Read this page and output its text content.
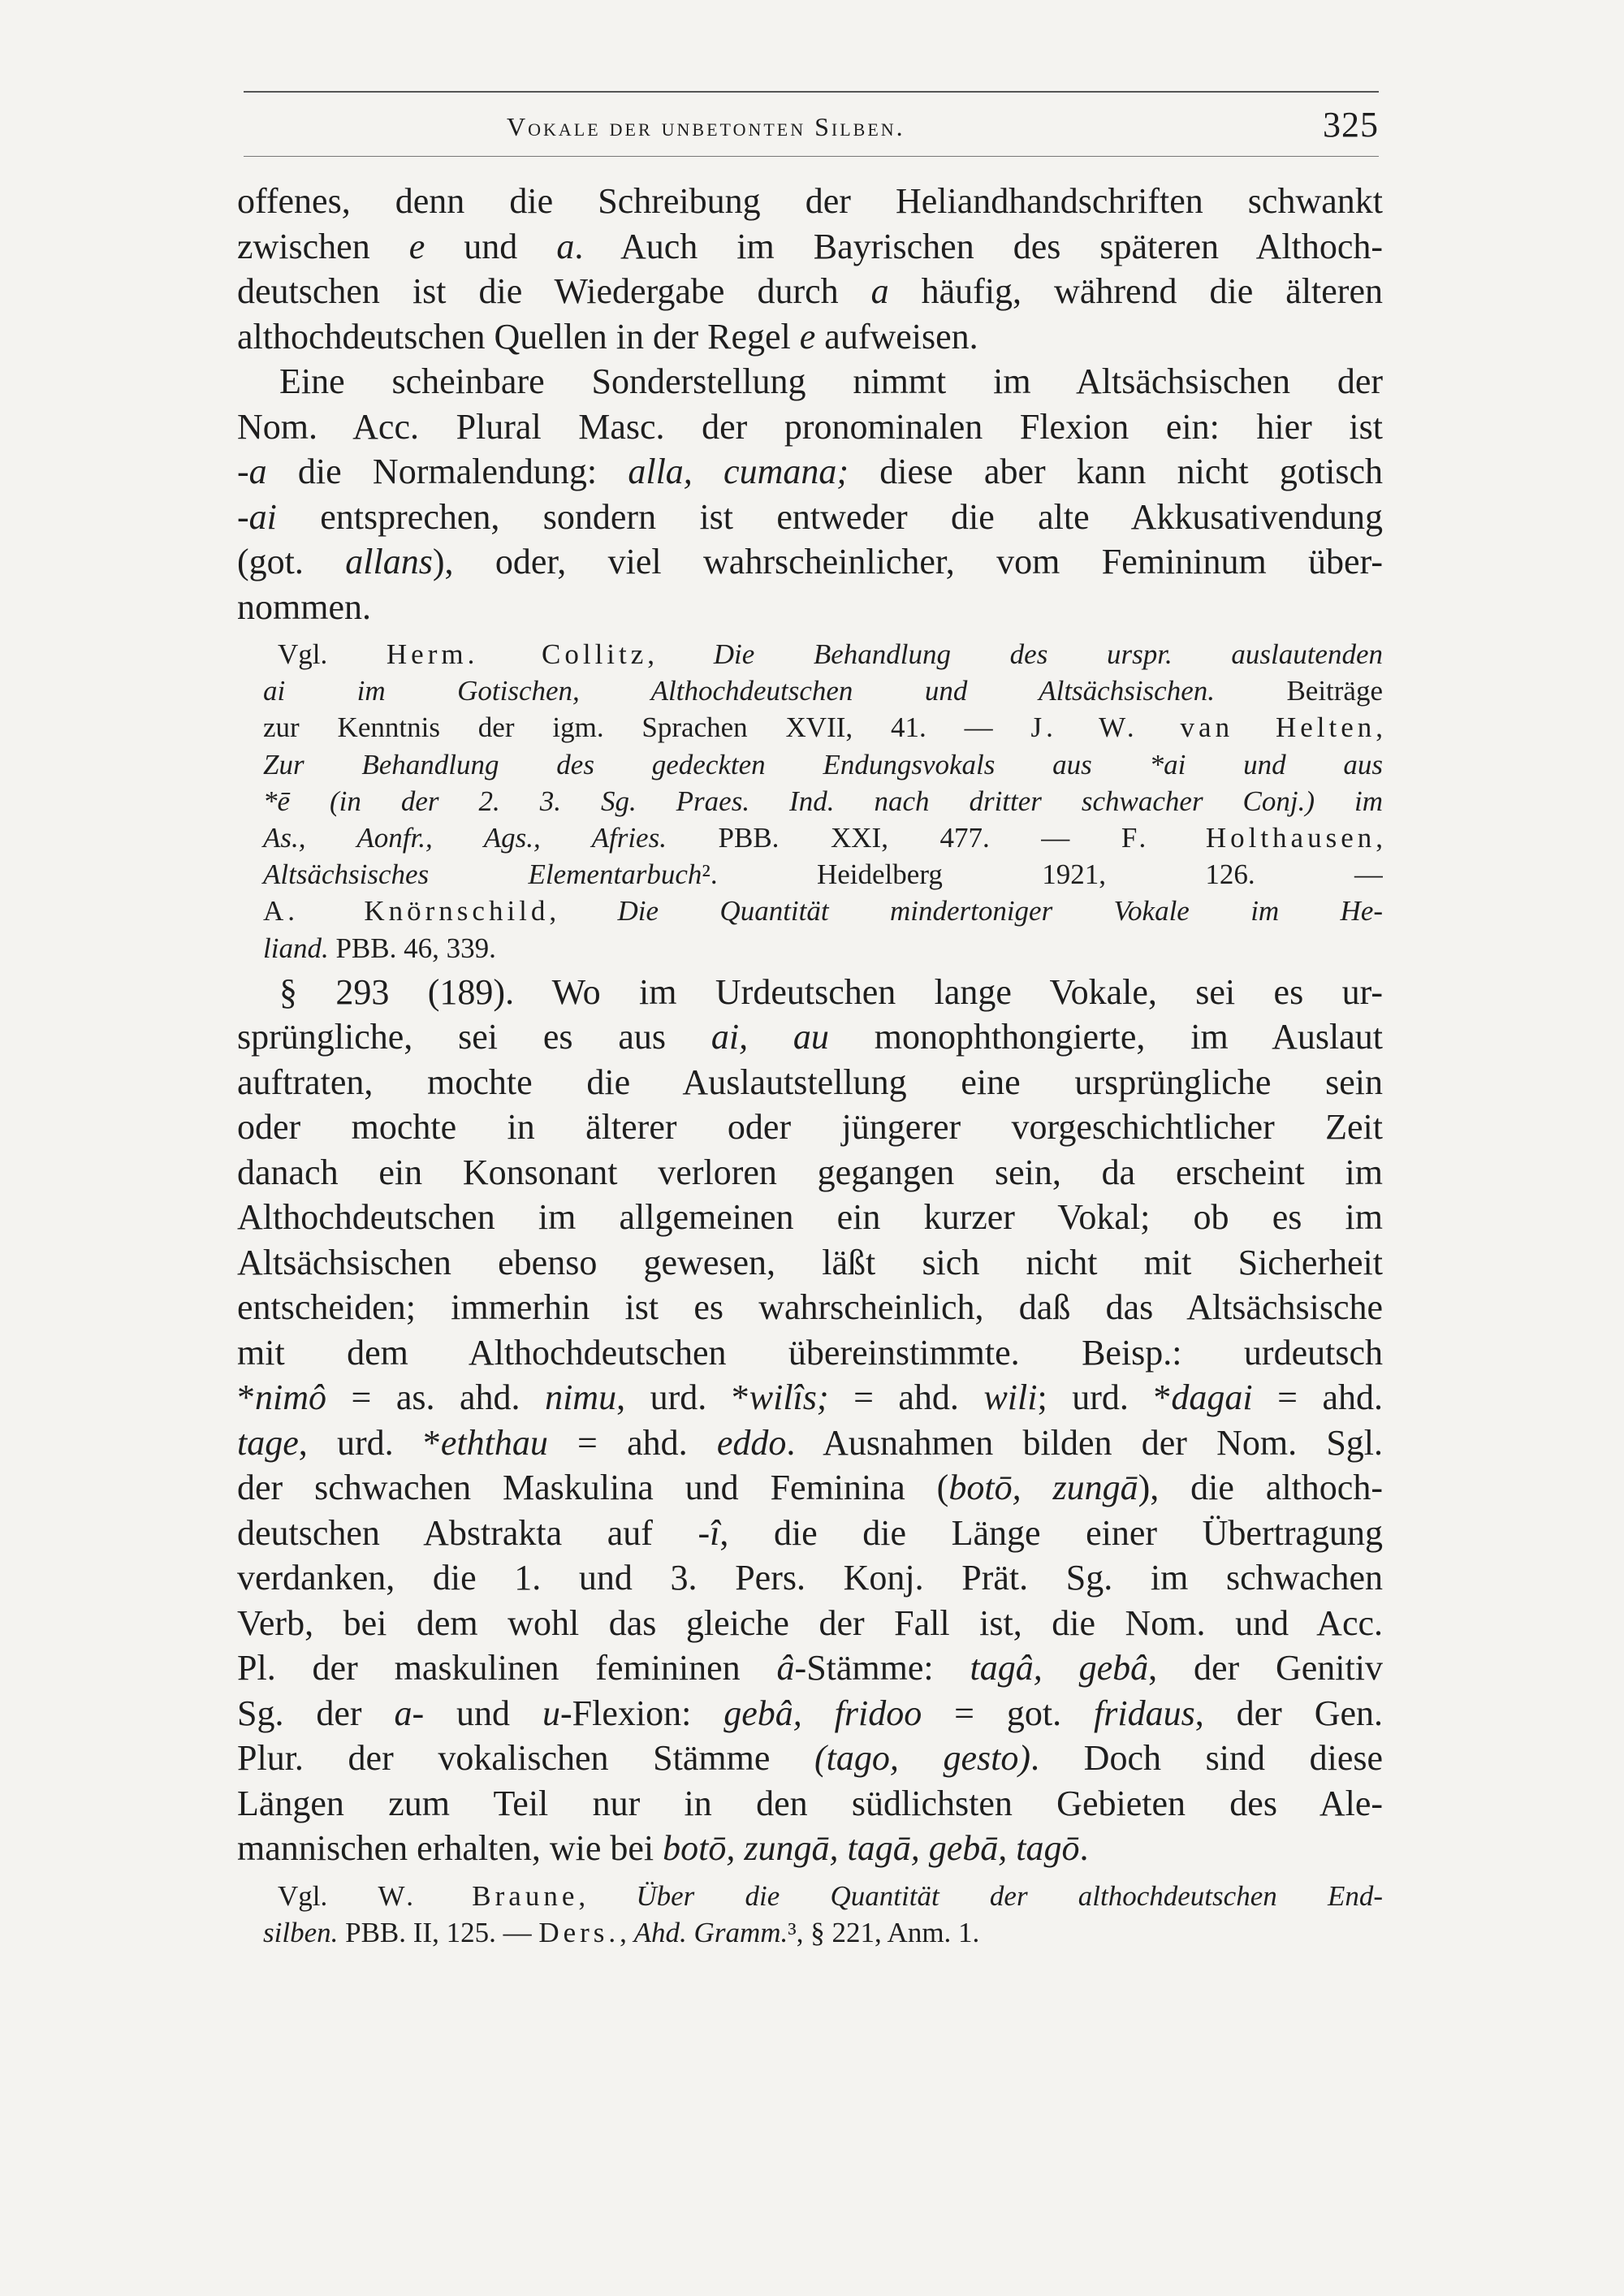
Vokale der unbetonten Silben.	325
offenes, denn die Schreibung der Heliandhandschriften schwankt
zwischen e und a. Auch im Bayrischen des späteren Althoch-
deutschen ist die Wiedergabe durch a häufig, während die älteren
althochdeutschen Quellen in der Regel e aufweisen.
Eine scheinbare Sonderstellung nimmt im Altsächsischen der
Nom. Acc. Plural Masc. der pronominalen Flexion ein: hier ist
-a die Normalendung: alla, cumana; diese aber kann nicht gotisch
-ai entsprechen, sondern ist entweder die alte Akkusativendung
(got. allans), oder, viel wahrscheinlicher, vom Femininum über-
nommen.
Vgl. Herm. Collitz, Die Behandlung des urspr. auslautenden
ai im Gotischen, Althochdeutschen und Altsächsischen. Beiträge
zur Kenntnis der igm. Sprachen XVII, 41. — J. W. van Helten,
Zur Behandlung des gedeckten Endungsvokals aus *ai und aus
*ē (in der 2. 3. Sg. Praes. Ind. nach dritter schwacher Conj.) im
As., Aonfr., Ags., Afries. PBB. XXI, 477. — F. Holthausen,
Altsächsisches Elementarbuch². Heidelberg 1921, 126. —
A. Knörnschild, Die Quantität mindertoniger Vokale im He-
liand. PBB. 46, 339.
§ 293 (189). Wo im Urdeutschen lange Vokale, sei es ur-
sprüngliche, sei es aus ai, au monophthongierte, im Auslaut
auftraten, mochte die Auslautstellung eine ursprüngliche sein
oder mochte in älterer oder jüngerer vorgeschichtlicher Zeit
danach ein Konsonant verloren gegangen sein, da erscheint im
Althochdeutschen im allgemeinen ein kurzer Vokal; ob es im
Altsächsischen ebenso gewesen, läßt sich nicht mit Sicherheit
entscheiden; immerhin ist es wahrscheinlich, daß das Altsächsische
mit dem Althochdeutschen übereinstimmte. Beisp.: urdeutsch
*nimô = as. ahd. nimu, urd. *wilîs; = ahd. wili; urd. *dagai = ahd.
tage, urd. *eththau = ahd. eddo. Ausnahmen bilden der Nom. Sgl.
der schwachen Maskulina und Feminina (botō, zungā), die althoch-
deutschen Abstrakta auf -î, die die Länge einer Übertragung
verdanken, die 1. und 3. Pers. Konj. Prät. Sg. im schwachen
Verb, bei dem wohl das gleiche der Fall ist, die Nom. und Acc.
Pl. der maskulinen femininen â-Stämme: tagâ, gebâ, der Genitiv
Sg. der a- und u-Flexion: gebâ, fridoo = got. fridaus, der Gen.
Plur. der vokalischen Stämme (tago, gesto). Doch sind diese
Längen zum Teil nur in den südlichsten Gebieten des Ale-
mannischen erhalten, wie bei botō, zungā, tagā, gebā, tagō.
Vgl. W. Braune, Über die Quantität der althochdeutschen End-
silben. PBB. II, 125. — Ders., Ahd. Gramm.³, § 221, Anm. 1.
